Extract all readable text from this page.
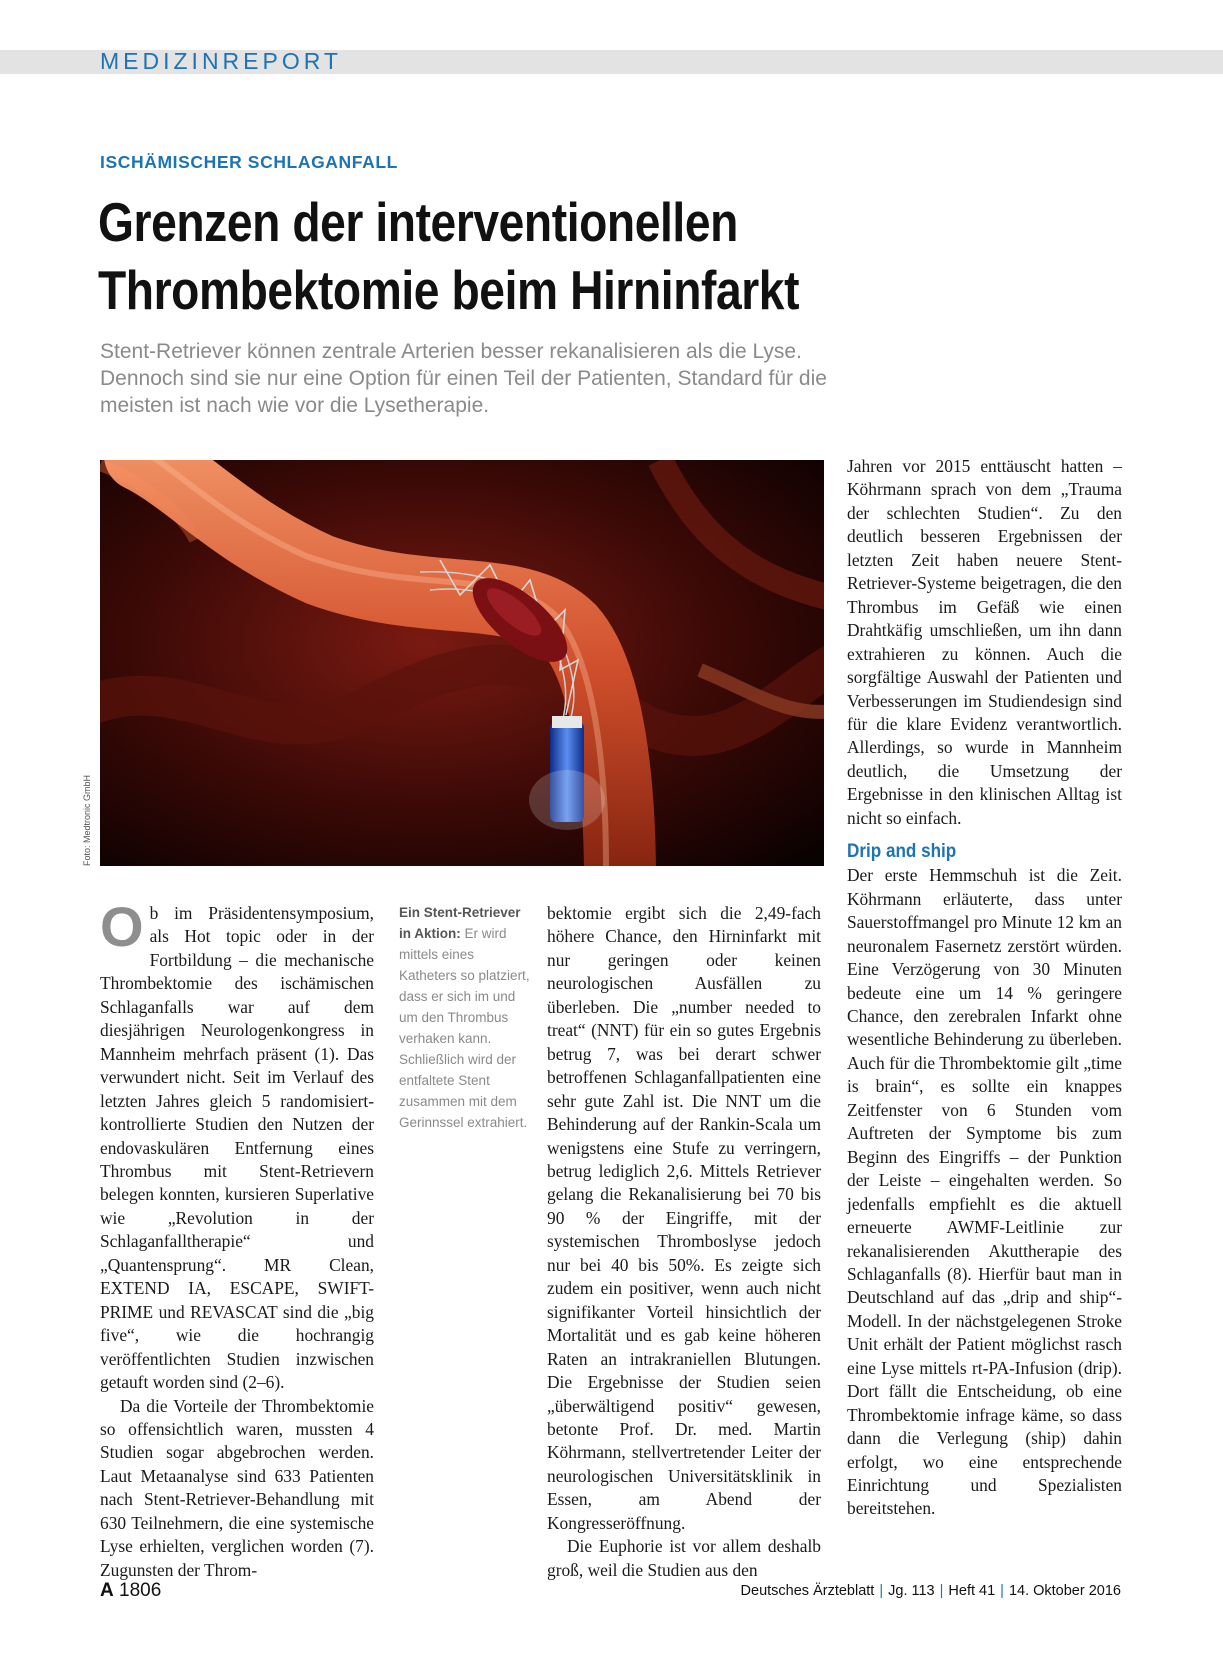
MEDIZINREPORT
ISCHÄMISCHER SCHLAGANFALL
Grenzen der interventionellen
Thrombektomie beim Hirninfarkt
Stent-Retriever können zentrale Arterien besser rekanalisieren als die Lyse. Dennoch sind sie nur eine Option für einen Teil der Patienten, Standard für die meisten ist nach wie vor die Lysetherapie.
Foto: Medtronic GmbH

Ob im Präsidentensymposium, als Hot topic oder in der Fortbildung – die mechanische Thrombektomie des ischämischen Schlaganfalls war auf dem diesjährigen Neurologenkongress in Mannheim mehrfach präsent (1). Das verwundert nicht. Seit im Verlauf des letzten Jahres gleich 5 randomisiert-kontrollierte Studien den Nutzen der endovaskulären Entfernung eines Thrombus mit Stent-Retrievern belegen konnten, kursieren Superlative wie „Revolution in der Schlaganfalltherapie“ und „Quantensprung“. MR Clean, EXTEND IA, ESCAPE, SWIFT-PRIME und REVASCAT sind die „big five“, wie die hochrangig veröffentlichten Studien inzwischen getauft worden sind (2–6).

Da die Vorteile der Thrombektomie so offensichtlich waren, mussten 4 Studien sogar abgebrochen werden. Laut Metaanalyse sind 633 Patienten nach Stent-Retriever-Behandlung mit 630 Teilnehmern, die eine systemische Lyse erhielten, verglichen worden (7). Zugunsten der Throm-

Ein Stent-Retriever in Aktion: Er wird mittels eines Katheters so platziert, dass er sich im und um den Thrombus verhaken kann. Schließlich wird der entfaltete Stent zusammen mit dem Gerinnssel extrahiert.

bektomie ergibt sich die 2,49-fach höhere Chance, den Hirninfarkt mit nur geringen oder keinen neurologischen Ausfällen zu überleben. Die „number needed to treat“ (NNT) für ein so gutes Ergebnis betrug 7, was bei derart schwer betroffenen Schlaganfallpatienten eine sehr gute Zahl ist. Die NNT um die Behinderung auf der Rankin-Scala um wenigstens eine Stufe zu verringern, betrug lediglich 2,6. Mittels Retriever gelang die Rekanalisierung bei 70 bis 90 % der Eingriffe, mit der systemischen Thromboslyse jedoch nur bei 40 bis 50%. Es zeigte sich zudem ein positiver, wenn auch nicht signifikanter Vorteil hinsichtlich der Mortalität und es gab keine höheren Raten an intrakraniellen Blutungen. Die Ergebnisse der Studien seien „überwältigend positiv“ gewesen, betonte Prof. Dr. med. Martin Köhrmann, stellvertretender Leiter der neurologischen Universitätsklinik in Essen, am Abend der Kongresseröffnung.

Die Euphorie ist vor allem deshalb groß, weil die Studien aus den

Jahren vor 2015 enttäuscht hatten – Köhrmann sprach von dem „Trauma der schlechten Studien“. Zu den deutlich besseren Ergebnissen der letzten Zeit haben neuere Stent-Retriever-Systeme beigetragen, die den Thrombus im Gefäß wie einen Drahtkäfig umschließen, um ihn dann extrahieren zu können. Auch die sorgfältige Auswahl der Patienten und Verbesserungen im Studiendesign sind für die klare Evidenz verantwortlich. Allerdings, so wurde in Mannheim deutlich, die Umsetzung der Ergebnisse in den klinischen Alltag ist nicht so einfach.

Drip and ship

Der erste Hemmschuh ist die Zeit. Köhrmann erläuterte, dass unter Sauerstoffmangel pro Minute 12 km an neuronalem Fasernetz zerstört würden. Eine Verzögerung von 30 Minuten bedeute eine um 14 % geringere Chance, den zerebralen Infarkt ohne wesentliche Behinderung zu überleben. Auch für die Thrombektomie gilt „time is brain“, es sollte ein knappes Zeitfenster von 6 Stunden vom Auftreten der Symptome bis zum Beginn des Eingriffs – der Punktion der Leiste – eingehalten werden. So jedenfalls empfiehlt es die aktuell erneuerte AWMF-Leitlinie zur rekanalisierenden Akuttherapie des Schlaganfalls (8). Hierfür baut man in Deutschland auf das „drip and ship“-Modell. In der nächstgelegenen Stroke Unit erhält der Patient möglichst rasch eine Lyse mittels rt-PA-Infusion (drip). Dort fällt die Entscheidung, ob eine Thrombektomie infrage käme, so dass dann die Verlegung (ship) dahin erfolgt, wo eine entsprechende Einrichtung und Spezialisten bereitstehen.

A 1806	Deutsches Ärzteblatt | Jg. 113 | Heft 41 | 14. Oktober 2016
